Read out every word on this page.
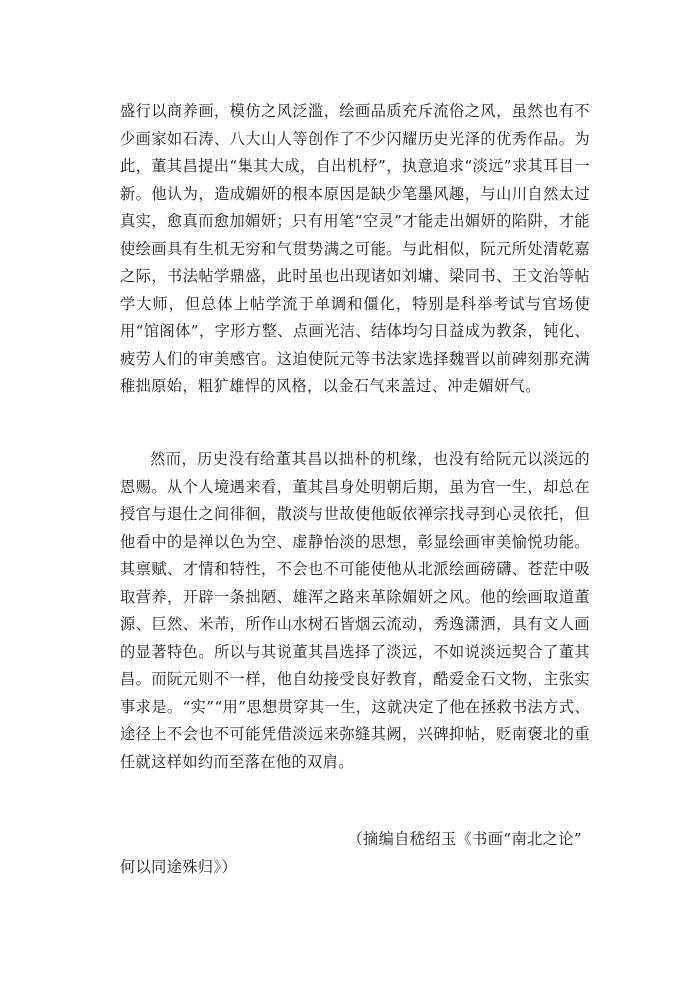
盛行以商养画，模仿之风泛滥，绘画品质充斥流俗之风，虽然也有不少画家如石涛、八大山人等创作了不少闪耀历史光泽的优秀作品。为此，董其昌提出“集其大成，自出机杼”，执意追求“淡远”求其耳目一新。他认为，造成媚妍的根本原因是缺少笔墨风趣，与山川自然太过真实，愈真而愈加媚妍；只有用笔“空灵”才能走出媚妍的陷阱，才能使绘画具有生机无穷和气贯势满之可能。与此相似，阮元所处清乾嘉之际，书法帖学鼎盛，此时虽也出现诸如刘墉、梁同书、王文治等帖学大师，但总体上帖学流于单调和僵化，特别是科举考试与官场使用“馆阁体”，字形方整、点画光洁、结体均匀日益成为教条，钝化、疲劳人们的审美感官。这迫使阮元等书法家选择魏晋以前碑刻那充满稚拙原始，粗犷雄悍的风格，以金石气来盖过、冲走媚妍气。
然而，历史没有给董其昌以拙朴的机缘，也没有给阮元以淡远的恩赐。从个人境遇来看，董其昌身处明朝后期，虽为官一生，却总在授官与退仕之间徘徊，散淡与世故使他皈依禅宗找寻到心灵依托，但他看中的是禅以色为空、虚静怡淡的思想，彰显绘画审美愉悦功能。其禀赋、才情和特性，不会也不可能使他从北派绘画磅礴、苍茫中吸取营养，开辟一条拙陋、雄浑之路来革除媚妍之风。他的绘画取道董源、巨然、米芾，所作山水树石皆烟云流动，秀逸潇洒，具有文人画的显著特色。所以与其说董其昌选择了淡远，不如说淡远契合了董其昌。而阮元则不一样，他自幼接受良好教育，酷爱金石文物，主张实事求是。“实”“用”思想贯穿其一生，这就决定了他在拯救书法方式、途径上不会也不可能凭借淡远来弥缝其阙，兴碑抑帖，贬南褒北的重任就这样如约而至落在他的双肩。
（摘编自嵇绍玉《书画“南北之论”
何以同途殊归》）
